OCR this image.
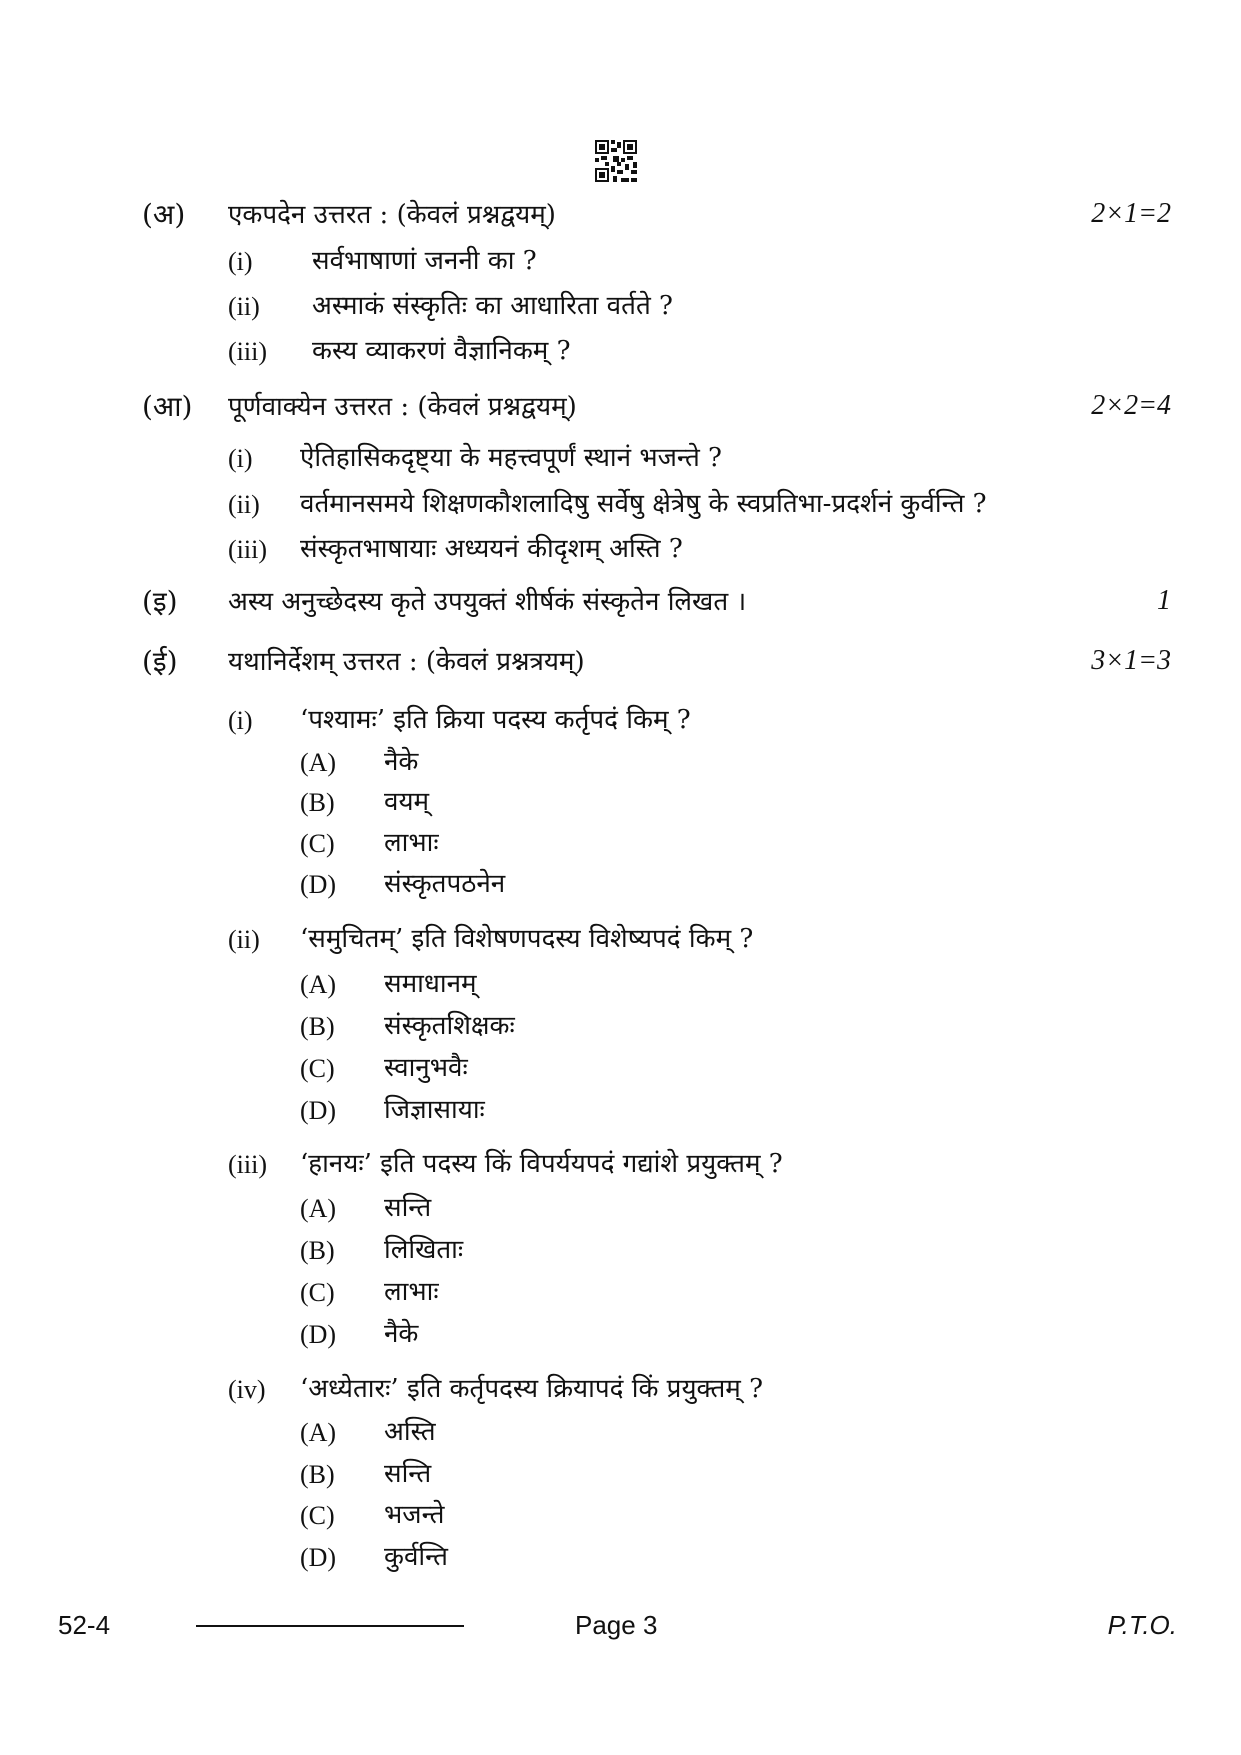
(अ) एकपदेन उत्तरत : (केवलं प्रश्नद्वयम्)	2×1=2
(i) सर्वभाषाणां जननी का ?
(ii) अस्माकं संस्कृतिः का आधारिता वर्तते ?
(iii) कस्य व्याकरणं वैज्ञानिकम् ?
(आ) पूर्णवाक्येन उत्तरत : (केवलं प्रश्नद्वयम्)	2×2=4
(i) ऐतिहासिकदृष्ट्या के महत्त्वपूर्णं स्थानं भजन्ते ?
(ii) वर्तमानसमये शिक्षणकौशलादिषु सर्वेषु क्षेत्रेषु के स्वप्रतिभा-प्रदर्शनं कुर्वन्ति ?
(iii) संस्कृतभाषायाः अध्ययनं कीदृशम् अस्ति ?
(इ) अस्य अनुच्छेदस्य कृते उपयुक्तं शीर्षकं संस्कृतेन लिखत ।	1
(ई) यथानिर्देशम् उत्तरत : (केवलं प्रश्नत्रयम्)	3×1=3
(i) ‘पश्यामः’ इति क्रिया पदस्य कर्तृपदं किम् ?
(A) नैके
(B) वयम्
(C) लाभाः
(D) संस्कृतपठनेन
(ii) ‘समुचितम्’ इति विशेषणपदस्य विशेष्यपदं किम् ?
(A) समाधानम्
(B) संस्कृतशिक्षकः
(C) स्वानुभवैः
(D) जिज्ञासायाः
(iii) ‘हानयः’ इति पदस्य किं विपर्ययपदं गद्यांशे प्रयुक्तम् ?
(A) सन्ति
(B) लिखिताः
(C) लाभाः
(D) नैके
(iv) ‘अध्येतारः’ इति कर्तृपदस्य क्रियापदं किं प्रयुक्तम् ?
(A) अस्ति
(B) सन्ति
(C) भजन्ते
(D) कुर्वन्ति
52-4	Page 3	P.T.O.
